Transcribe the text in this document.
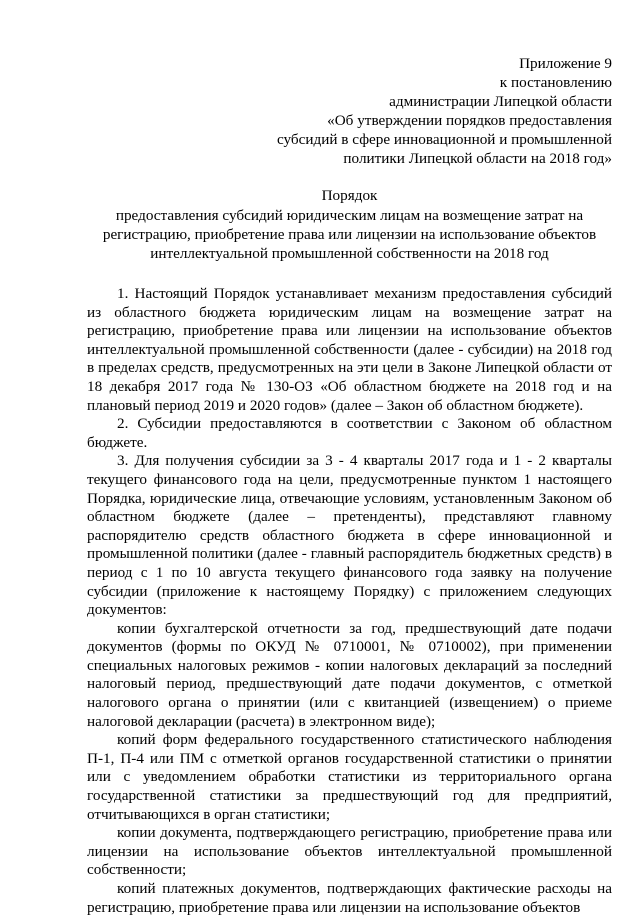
Приложение 9
к постановлению
администрации Липецкой области
«Об утверждении порядков предоставления
субсидий в сфере инновационной и промышленной
политики Липецкой области на 2018 год»
Порядок
предоставления субсидий юридическим лицам на возмещение затрат на
регистрацию, приобретение права или лицензии на использование объектов
интеллектуальной промышленной собственности на 2018 год

1. Настоящий Порядок устанавливает механизм предоставления субсидий из областного бюджета юридическим лицам на возмещение затрат на регистрацию, приобретение права или лицензии на использование объектов интеллектуальной промышленной собственности (далее - субсидии) на 2018 год в пределах средств, предусмотренных на эти цели в Законе Липецкой области от 18 декабря 2017 года № 130-ОЗ «Об областном бюджете на 2018 год и на плановый период 2019 и 2020 годов» (далее – Закон об областном бюджете).

2. Субсидии предоставляются в соответствии с Законом об областном бюджете.

3. Для получения субсидии за 3 - 4 кварталы 2017 года и 1 - 2 кварталы текущего финансового года на цели, предусмотренные пунктом 1 настоящего Порядка, юридические лица, отвечающие условиям, установленным Законом об областном бюджете (далее – претенденты), представляют главному распорядителю средств областного бюджета в сфере инновационной и промышленной политики (далее - главный распорядитель бюджетных средств) в период с 1 по 10 августа текущего финансового года заявку на получение субсидии (приложение к настоящему Порядку) с приложением следующих документов:

копии бухгалтерской отчетности за год, предшествующий дате подачи документов (формы по ОКУД № 0710001, № 0710002), при применении специальных налоговых режимов - копии налоговых деклараций за последний налоговый период, предшествующий дате подачи документов, с отметкой налогового органа о принятии (или с квитанцией (извещением) о приеме налоговой декларации (расчета) в электронном виде);

копий форм федерального государственного статистического наблюдения П-1, П-4 или ПМ с отметкой органов государственной статистики о принятии или с уведомлением обработки статистики из территориального органа государственной статистики за предшествующий год для предприятий, отчитывающихся в орган статистики;

копии документа, подтверждающего регистрацию, приобретение права или лицензии на использование объектов интеллектуальной промышленной собственности;

копий платежных документов, подтверждающих фактические расходы на регистрацию, приобретение права или лицензии на использование объектов
